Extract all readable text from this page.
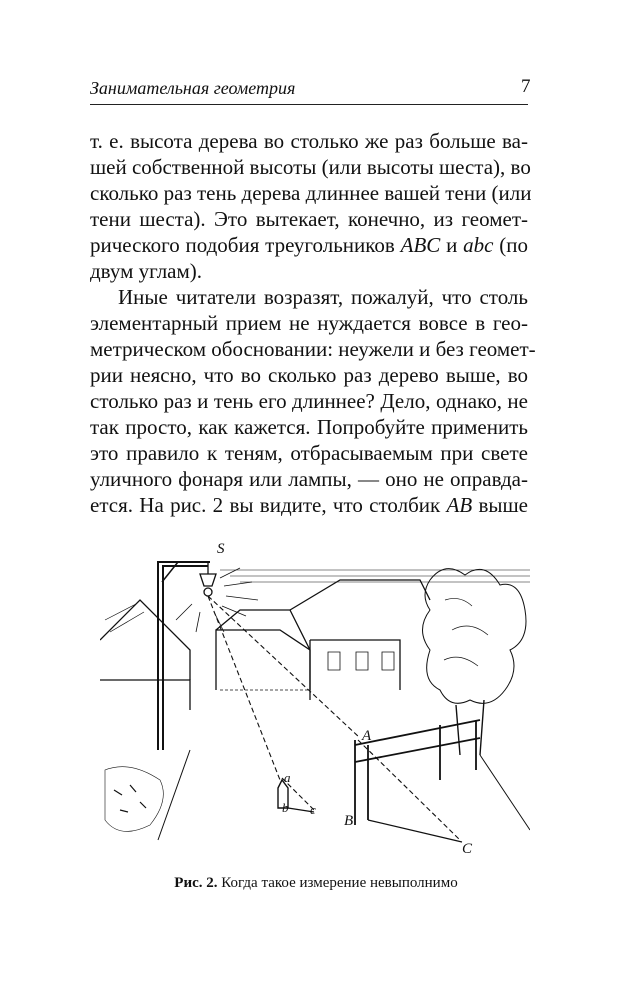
Занимательная геометрия	7
т. е. высота дерева во столько же раз больше ва-
шей собственной высоты (или высоты шеста), во
сколько раз тень дерева длиннее вашей тени (или
тени шеста). Это вытекает, конечно, из геомет-
рического подобия треугольников ABC и abc (по
двум углам).
Иные читатели возразят, пожалуй, что столь
элементарный прием не нуждается вовсе в гео-
метрическом обосновании: неужели и без геомет-
рии неясно, что во сколько раз дерево выше, во
столько раз и тень его длиннее? Дело, однако, не
так просто, как кажется. Попробуйте применить
это правило к теням, отбрасываемым при свете
уличного фонаря или лампы, — оно не оправда-
ется. На рис. 2 вы видите, что столбик AB выше
S
A
B
C
a
b c
Рис. 2. Когда такое измерение невыполнимо
